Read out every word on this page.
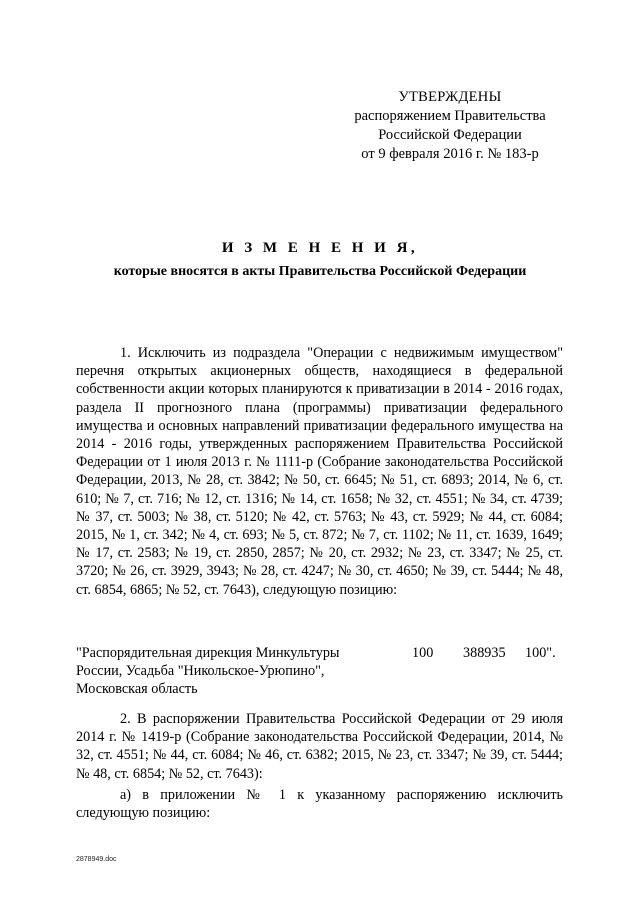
УТВЕРЖДЕНЫ
распоряжением Правительства
Российской Федерации
от 9 февраля 2016 г. № 183-р
И З М Е Н Е Н И Я,
которые вносятся в акты Правительства Российской Федерации

1. Исключить из подраздела "Операции с недвижимым имуществом" перечня открытых акционерных обществ, находящиеся в федеральной собственности акции которых планируются к приватизации в 2014 - 2016 годах, раздела II прогнозного плана (программы) приватизации федерального имущества и основных направлений приватизации федерального имущества на 2014 - 2016 годы, утвержденных распоряжением Правительства Российской Федерации от 1 июля 2013 г. № 1111-р (Собрание законодательства Российской Федерации, 2013, № 28, ст. 3842; № 50, ст. 6645; № 51, ст. 6893; 2014, № 6, ст. 610; № 7, ст. 716; № 12, ст. 1316; № 14, ст. 1658; № 32, ст. 4551; № 34, ст. 4739; № 37, ст. 5003; № 38, ст. 5120; № 42, ст. 5763; № 43, ст. 5929; № 44, ст. 6084; 2015, № 1, ст. 342; № 4, ст. 693; № 5, ст. 872; № 7, ст. 1102; № 11, ст. 1639, 1649; № 17, ст. 2583; № 19, ст. 2850, 2857; № 20, ст. 2932; № 23, ст. 3347; № 25, ст. 3720; № 26, ст. 3929, 3943; № 28, ст. 4247; № 30, ст. 4650; № 39, ст. 5444; № 48, ст. 6854, 6865; № 52, ст. 7643), следующую позицию:

"Распорядительная дирекция Минкультуры
России, Усадьба "Никольское-Урюпино",
Московская область
100 388935 100".

2. В распоряжении Правительства Российской Федерации от 29 июля 2014 г. № 1419-р (Собрание законодательства Российской Федерации, 2014, № 32, ст. 4551; № 44, ст. 6084; № 46, ст. 6382; 2015, № 23, ст. 3347; № 39, ст. 5444; № 48, ст. 6854; № 52, ст. 7643):

а) в приложении № 1 к указанному распоряжению исключить следующую позицию:

2878949.doc
